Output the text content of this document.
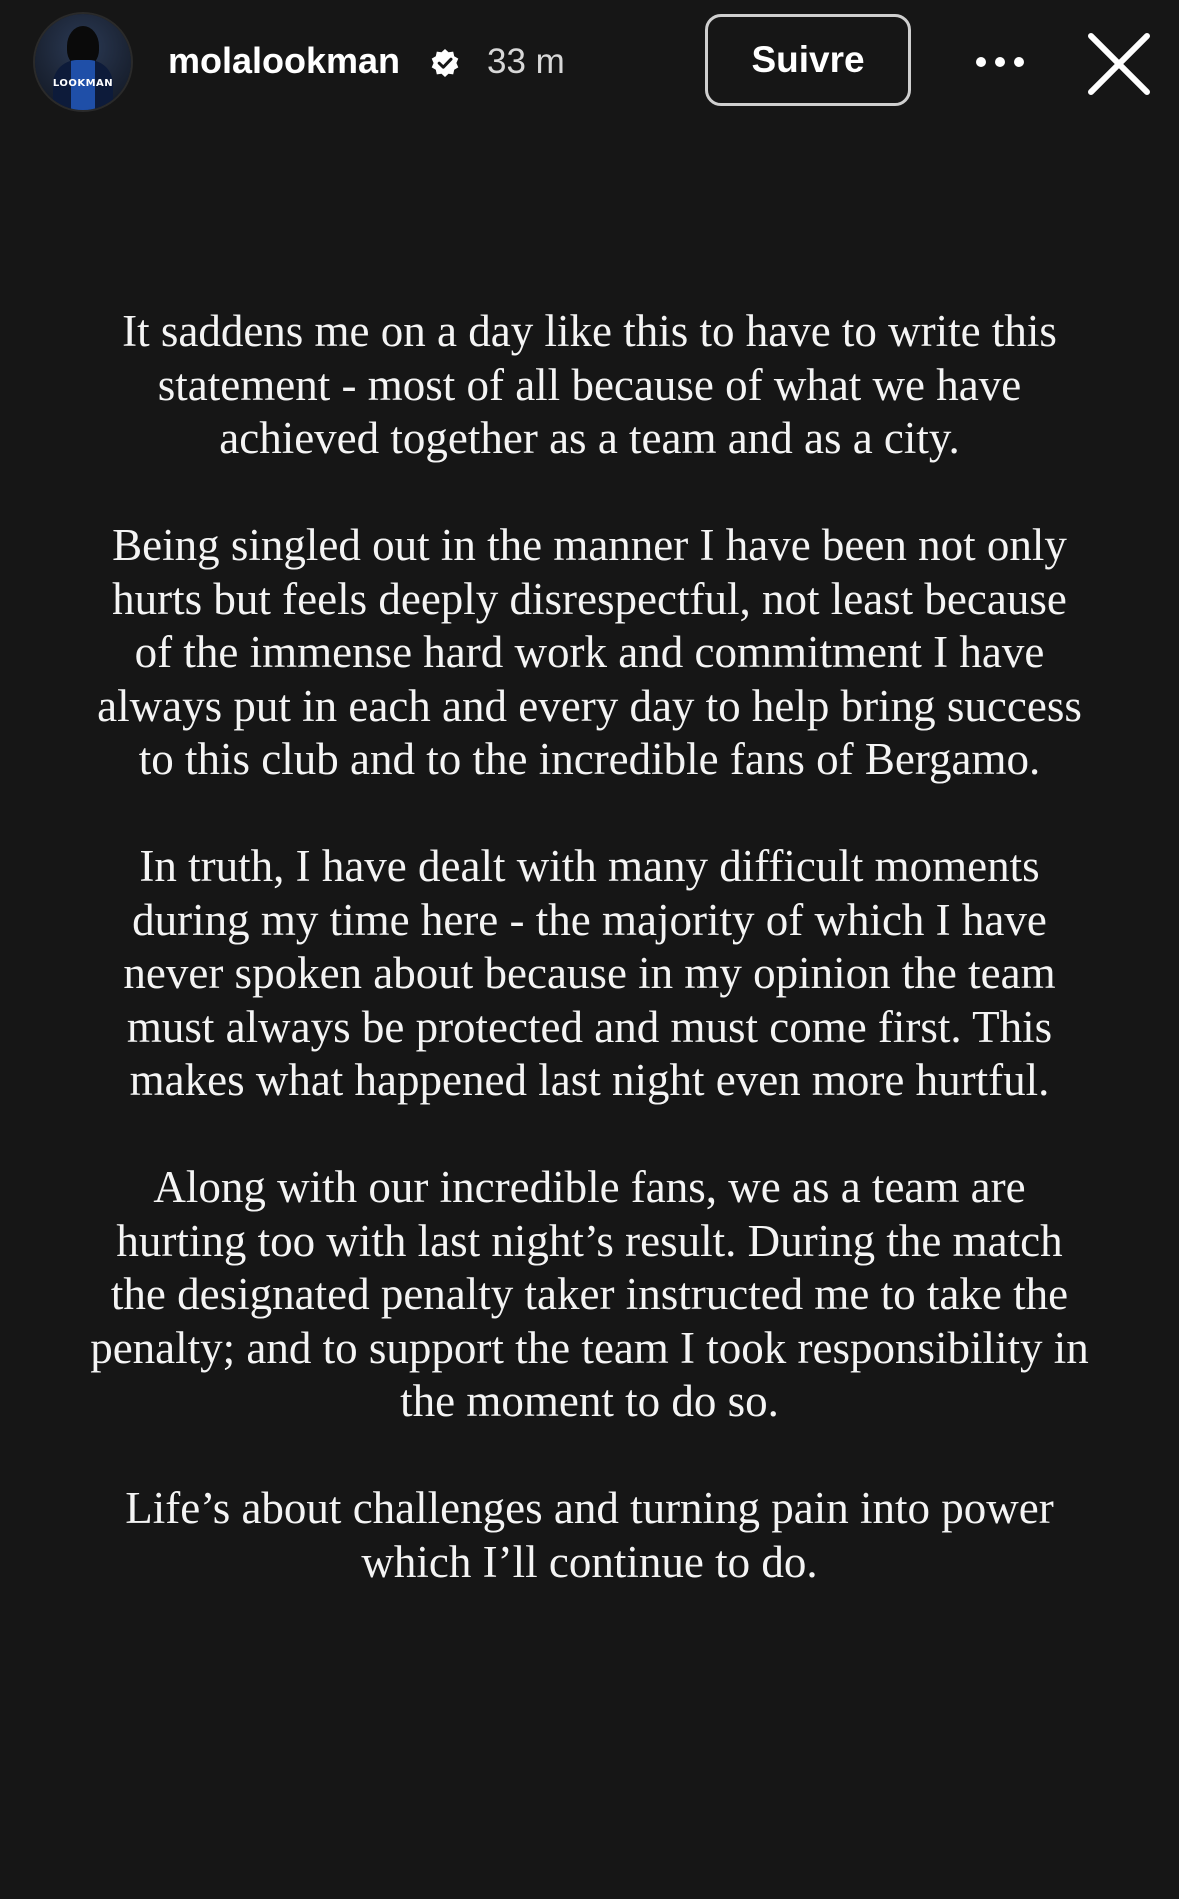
LOOKMAN
molalookman 33 m	Suivre

It saddens me on a day like this to have to write this statement - most of all because of what we have achieved together as a team and as a city.

Being singled out in the manner I have been not only hurts but feels deeply disrespectful, not least because of the immense hard work and commitment I have always put in each and every day to help bring success to this club and to the incredible fans of Bergamo.

In truth, I have dealt with many difficult moments during my time here - the majority of which I have never spoken about because in my opinion the team must always be protected and must come first. This makes what happened last night even more hurtful.

Along with our incredible fans, we as a team are hurting too with last night’s result. During the match the designated penalty taker instructed me to take the penalty; and to support the team I took responsibility in the moment to do so.

Life’s about challenges and turning pain into power which I’ll continue to do.
